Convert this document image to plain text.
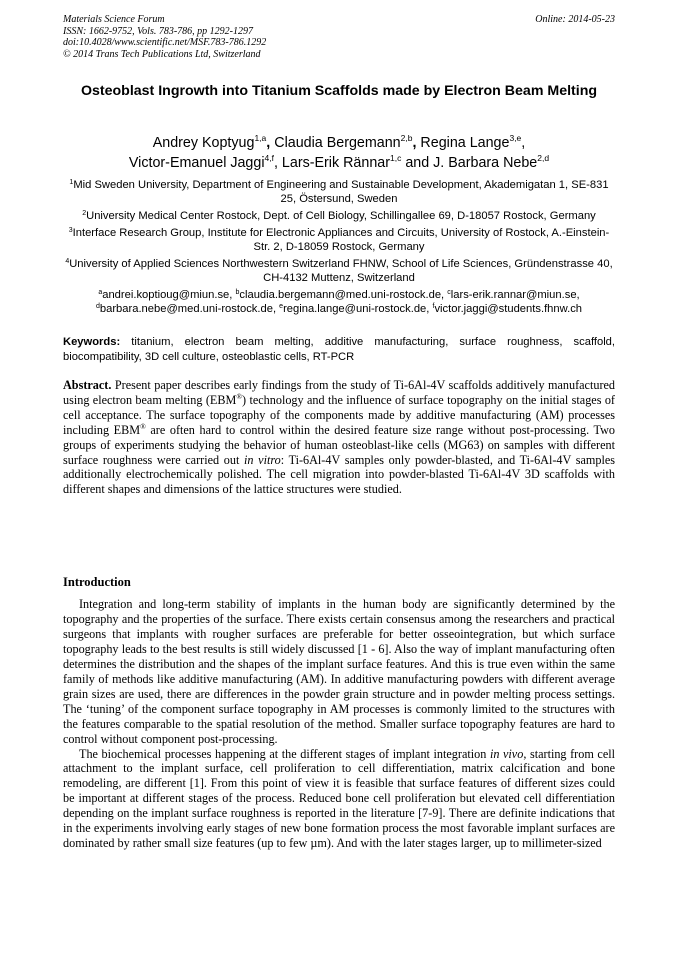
Materials Science Forum
ISSN: 1662-9752, Vols. 783-786, pp 1292-1297
doi:10.4028/www.scientific.net/MSF.783-786.1292
© 2014 Trans Tech Publications Ltd, Switzerland
Online: 2014-05-23
Osteoblast Ingrowth into Titanium Scaffolds made by Electron Beam Melting
Andrey Koptyug$^{1,a}$, Claudia Bergemann$^{2,b}$, Regina Lange$^{3,e}$,
Victor-Emanuel Jaggi$^{4,f}$, Lars-Erik Rännar$^{1,c}$ and J. Barbara Nebe$^{2,d}$
$^1$Mid Sweden University, Department of Engineering and Sustainable Development, Akademigatan 1, SE-831 25, Östersund, Sweden
$^2$University Medical Center Rostock, Dept. of Cell Biology, Schillingallee 69, D-18057 Rostock, Germany
$^3$Interface Research Group, Institute for Electronic Appliances and Circuits, University of Rostock, A.-Einstein-Str. 2, D-18059 Rostock, Germany
$^4$University of Applied Sciences Northwestern Switzerland FHNW, School of Life Sciences, Gründenstrasse 40, CH-4132 Muttenz, Switzerland
$^a$andrei.koptioug@miun.se, $^b$claudia.bergemann@med.uni-rostock.de, $^c$lars-erik.rannar@miun.se,
$^d$barbara.nebe@med.uni-rostock.de, $^e$regina.lange@uni-rostock.de, $^f$victor.jaggi@students.fhnw.ch
Keywords: titanium, electron beam melting, additive manufacturing, surface roughness, scaffold, biocompatibility, 3D cell culture, osteoblastic cells, RT-PCR
Abstract. Present paper describes early findings from the study of Ti-6Al-4V scaffolds additively manufactured using electron beam melting (EBM®) technology and the influence of surface topography on the initial stages of cell acceptance. The surface topography of the components made by additive manufacturing (AM) processes including EBM® are often hard to control within the desired feature size range without post-processing. Two groups of experiments studying the behavior of human osteoblast-like cells (MG63) on samples with different surface roughness were carried out in vitro: Ti-6Al-4V samples only powder-blasted, and Ti-6Al-4V samples additionally electrochemically polished. The cell migration into powder-blasted Ti-6Al-4V 3D scaffolds with different shapes and dimensions of the lattice structures were studied.
Introduction

Integration and long-term stability of implants in the human body are significantly determined by the topography and the properties of the surface. There exists certain consensus among the researchers and practical surgeons that implants with rougher surfaces are preferable for better osseointegration, but which surface topography leads to the best results is still widely discussed [1 - 6]. Also the way of implant manufacturing often determines the distribution and the shapes of the implant surface features. And this is true even within the same family of methods like additive manufacturing (AM). In additive manufacturing powders with different average grain sizes are used, there are differences in the powder grain structure and in powder melting process settings. The ‘tuning’ of the component surface topography in AM processes is commonly limited to the structures with the features comparable to the spatial resolution of the method. Smaller surface topography features are hard to control without component post-processing.

The biochemical processes happening at the different stages of implant integration in vivo, starting from cell attachment to the implant surface, cell proliferation to cell differentiation, matrix calcification and bone remodeling, are different [1]. From this point of view it is feasible that surface features of different sizes could be important at different stages of the process. Reduced bone cell proliferation but elevated cell differentiation depending on the implant surface roughness is reported in the literature [7-9]. There are definite indications that in the experiments involving early stages of new bone formation process the most favorable implant surfaces are dominated by rather small size features (up to few µm). And with the later stages larger, up to millimeter-sized
